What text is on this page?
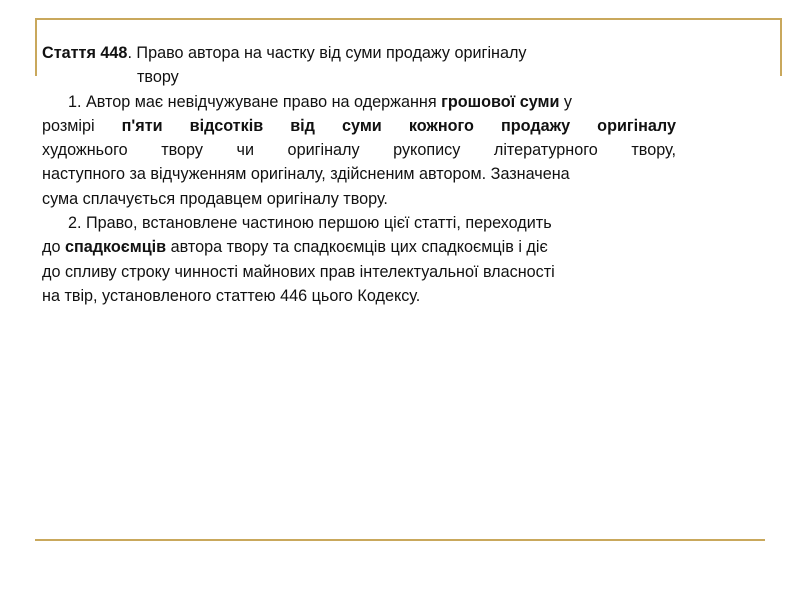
Стаття 448. Право автора на частку від суми продажу оригіналу
твору
1. Автор має невідчужуване право на одержання грошової суми у
розмірі п'яти відсотків від суми кожного продажу оригіналу
художнього твору чи оригіналу рукопису літературного твору,
наступного за відчуженням оригіналу, здійсненим автором. Зазначена
сума сплачується продавцем оригіналу твору.
2. Право, встановлене частиною першою цієї статті, переходить
до спадкоємців автора твору та спадкоємців цих спадкоємців і діє
до спливу строку чинності майнових прав інтелектуальної власності
на твір, установленого статтею 446 цього Кодексу.
